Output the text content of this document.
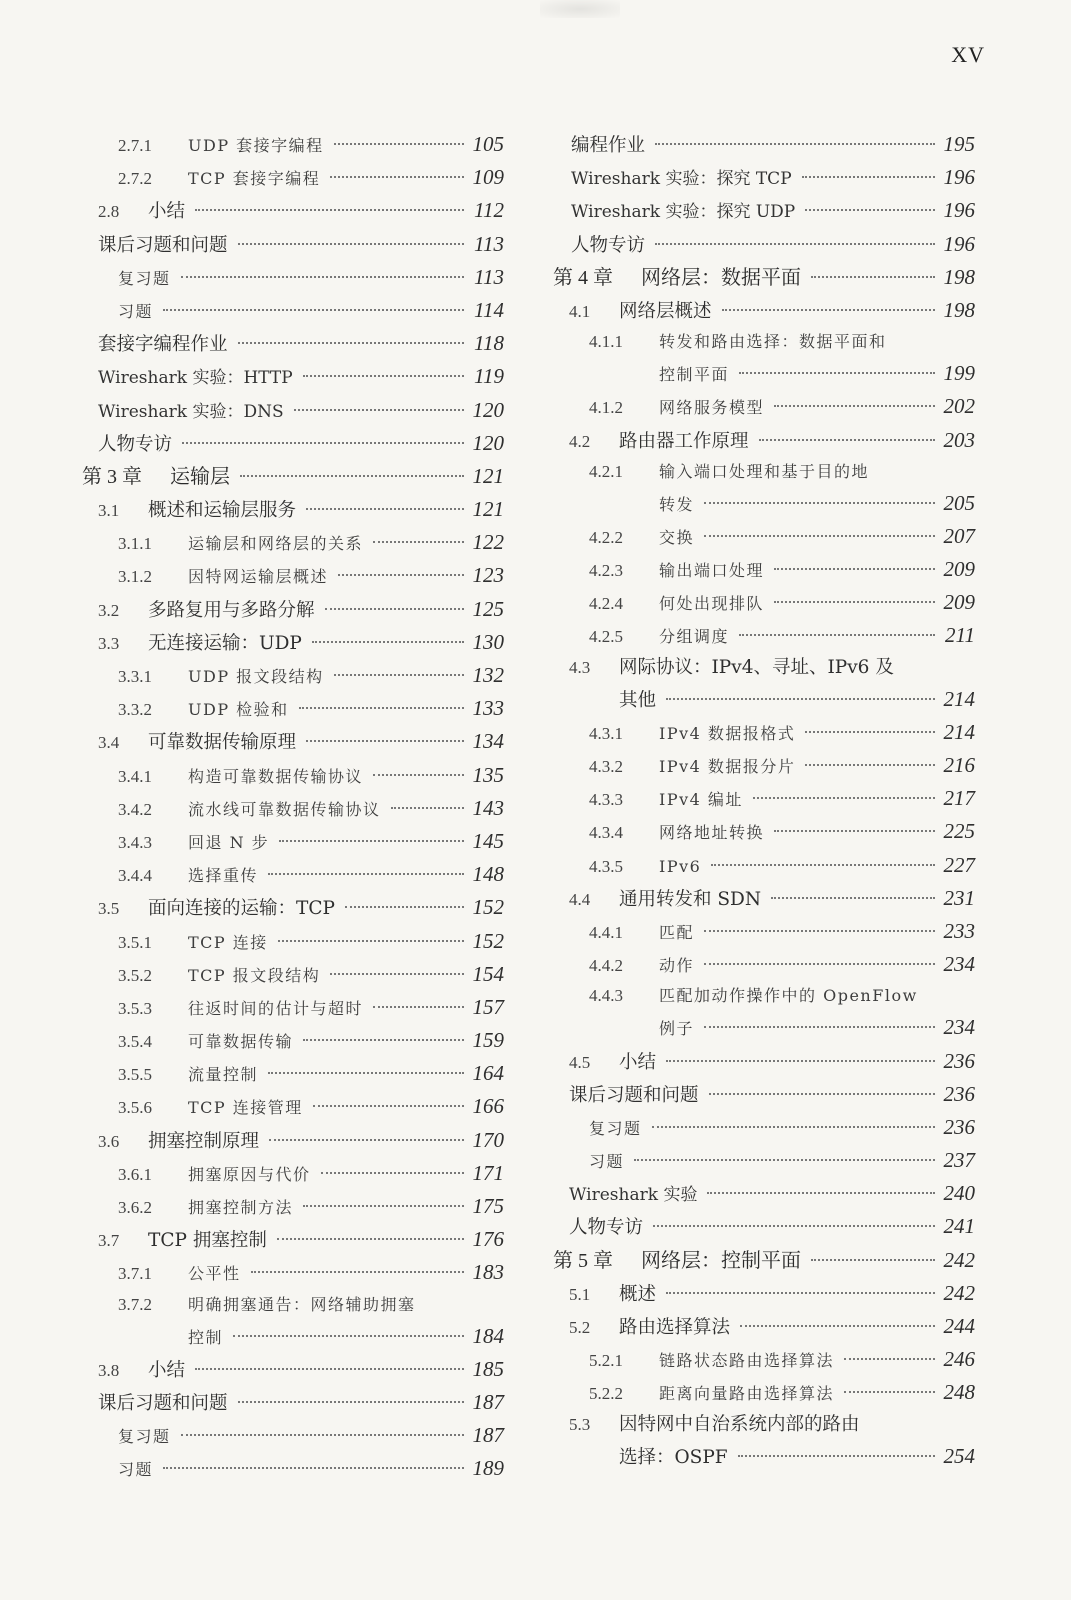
XV
2.7.1	UDP 套接字编程	105
2.7.2	TCP 套接字编程	109
2.8	小结	112
课后习题和问题	113
复习题	113
习题	114
套接字编程作业	118
Wireshark 实验：HTTP	119
Wireshark 实验：DNS	120
人物专访	120
第 3 章	运输层	121
3.1	概述和运输层服务	121
3.1.1	运输层和网络层的关系	122
3.1.2	因特网运输层概述	123
3.2	多路复用与多路分解	125
3.3	无连接运输：UDP	130
3.3.1	UDP 报文段结构	132
3.3.2	UDP 检验和	133
3.4	可靠数据传输原理	134
3.4.1	构造可靠数据传输协议	135
3.4.2	流水线可靠数据传输协议	143
3.4.3	回退 N 步	145
3.4.4	选择重传	148
3.5	面向连接的运输：TCP	152
3.5.1	TCP 连接	152
3.5.2	TCP 报文段结构	154
3.5.3	往返时间的估计与超时	157
3.5.4	可靠数据传输	159
3.5.5	流量控制	164
3.5.6	TCP 连接管理	166
3.6	拥塞控制原理	170
3.6.1	拥塞原因与代价	171
3.6.2	拥塞控制方法	175
3.7	TCP 拥塞控制	176
3.7.1	公平性	183
3.7.2	明确拥塞通告：网络辅助拥塞
控制	184
3.8	小结	185
课后习题和问题	187
复习题	187
习题	189
编程作业	195
Wireshark 实验：探究 TCP	196
Wireshark 实验：探究 UDP	196
人物专访	196
第 4 章	网络层：数据平面	198
4.1	网络层概述	198
4.1.1	转发和路由选择：数据平面和
控制平面	199
4.1.2	网络服务模型	202
4.2	路由器工作原理	203
4.2.1	输入端口处理和基于目的地
转发	205
4.2.2	交换	207
4.2.3	输出端口处理	209
4.2.4	何处出现排队	209
4.2.5	分组调度	211
4.3	网际协议：IPv4、寻址、IPv6 及
其他	214
4.3.1	IPv4 数据报格式	214
4.3.2	IPv4 数据报分片	216
4.3.3	IPv4 编址	217
4.3.4	网络地址转换	225
4.3.5	IPv6	227
4.4	通用转发和 SDN	231
4.4.1	匹配	233
4.4.2	动作	234
4.4.3	匹配加动作操作中的 OpenFlow
例子	234
4.5	小结	236
课后习题和问题	236
复习题	236
习题	237
Wireshark 实验	240
人物专访	241
第 5 章	网络层：控制平面	242
5.1	概述	242
5.2	路由选择算法	244
5.2.1	链路状态路由选择算法	246
5.2.2	距离向量路由选择算法	248
5.3	因特网中自治系统内部的路由
选择：OSPF	254
